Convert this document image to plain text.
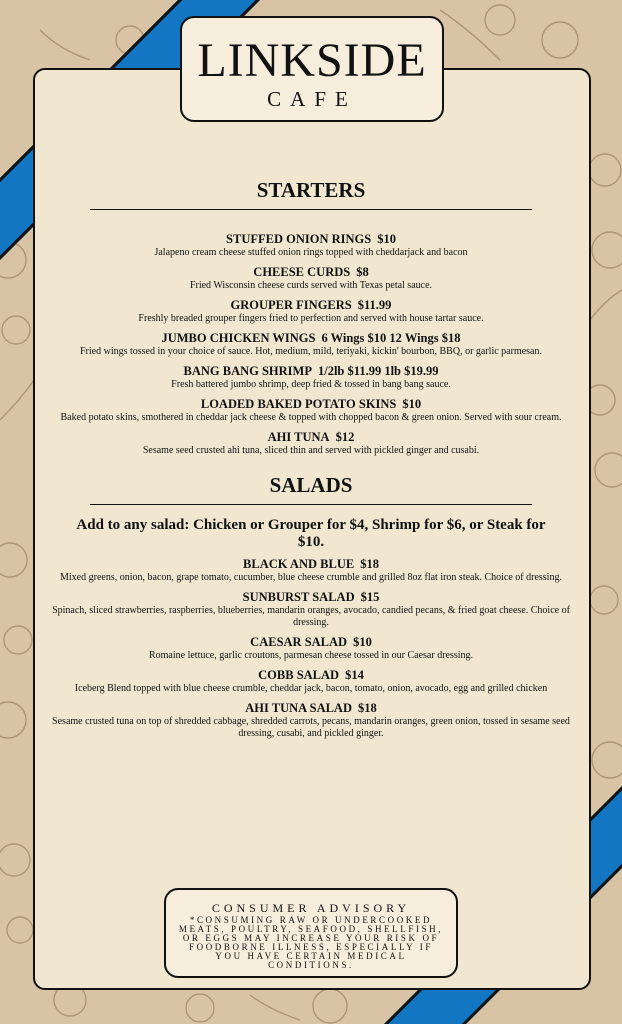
LINKSIDE
CAFE
STARTERS
STUFFED ONION RINGS $10
Jalapeno cream cheese stuffed onion rings topped with cheddarjack and bacon
CHEESE CURDS $8
Fried Wisconsin cheese curds served with Texas petal sauce.
GROUPER FINGERS $11.99
Freshly breaded grouper fingers fried to perfection and served with house tartar sauce.
JUMBO CHICKEN WINGS 6 Wings $10 12 Wings $18
Fried wings tossed in your choice of sauce. Hot, medium, mild, teriyaki, kickin' bourbon, BBQ, or garlic parmesan.
BANG BANG SHRIMP 1/2lb $11.99 1lb $19.99
Fresh battered jumbo shrimp, deep fried & tossed in bang bang sauce.
LOADED BAKED POTATO SKINS $10
Baked potato skins, smothered in cheddar jack cheese & topped with chopped bacon & green onion. Served with sour cream.
AHI TUNA $12
Sesame seed crusted ahi tuna, sliced thin and served with pickled ginger and cusabi.
SALADS
Add to any salad: Chicken or Grouper for $4, Shrimp for $6, or Steak for $10.
BLACK AND BLUE $18
Mixed greens, onion, bacon, grape tomato, cucumber, blue cheese crumble and grilled 8oz flat iron steak. Choice of dressing.
SUNBURST SALAD $15
Spinach, sliced strawberries, raspberries, blueberries, mandarin oranges, avocado, candied pecans, & fried goat cheese. Choice of dressing.
CAESAR SALAD $10
Romaine lettuce, garlic croutons, parmesan cheese tossed in our Caesar dressing.
COBB SALAD $14
Iceberg Blend topped with blue cheese crumble, cheddar jack, bacon, tomato, onion, avocado, egg and grilled chicken
AHI TUNA SALAD $18
Sesame crusted tuna on top of shredded cabbage, shredded carrots, pecans, mandarin oranges, green onion, tossed in sesame seed dressing, cusabi, and pickled ginger.
CONSUMER ADVISORY
*CONSUMING RAW OR UNDERCOOKED MEATS, POULTRY, SEAFOOD, SHELLFISH, OR EGGS MAY INCREASE YOUR RISK OF FOODBORNE ILLNESS, ESPECIALLY IF YOU HAVE CERTAIN MEDICAL CONDITIONS.
